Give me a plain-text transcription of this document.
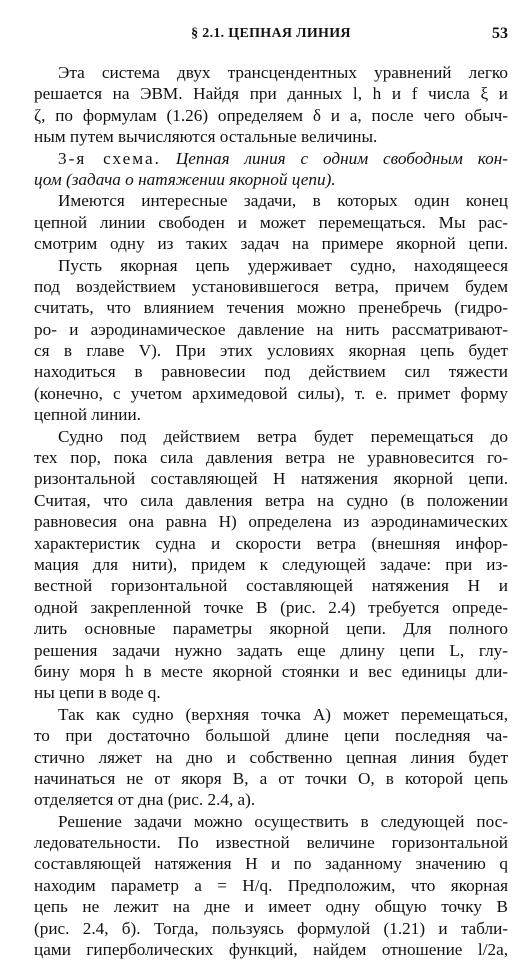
§ 2.1. ЦЕПНАЯ ЛИНИЯ	53
Эта система двух трансцендентных уравнений легко
решается на ЭВМ. Найдя при данных l, h и f числа ξ и
ζ, по формулам (1.26) определяем δ и a, после чего обыч-
ным путем вычисляются остальные величины.
3-я схема. Цепная линия с одним свободным кон-
цом (задача о натяжении якорной цепи).
Имеются интересные задачи, в которых один конец
цепной линии свободен и может перемещаться. Мы рас-
смотрим одну из таких задач на примере якорной цепи.
Пусть якорная цепь удерживает судно, находящееся
под воздействием установившегося ветра, причем будем
считать, что влиянием течения можно пренебречь (гидро-
ро- и аэродинамическое давление на нить рассматривают-
ся в главе V). При этих условиях якорная цепь будет
находиться в равновесии под действием сил тяжести
(конечно, с учетом архимедовой силы), т. е. примет форму
цепной линии.
Судно под действием ветра будет перемещаться до
тех пор, пока сила давления ветра не уравновесится го-
ризонтальной составляющей H натяжения якорной цепи.
Считая, что сила давления ветра на судно (в положении
равновесия она равна H) определена из аэродинамических
характеристик судна и скорости ветра (внешняя инфор-
мация для нити), придем к следующей задаче: при из-
вестной горизонтальной составляющей натяжения H и
одной закрепленной точке B (рис. 2.4) требуется опреде-
лить основные параметры якорной цепи. Для полного
решения задачи нужно задать еще длину цепи L, глу-
бину моря h в месте якорной стоянки и вес единицы дли-
ны цепи в воде q.
Так как судно (верхняя точка A) может перемещаться,
то при достаточно большой длине цепи последняя ча-
стично ляжет на дно и собственно цепная линия будет
начинаться не от якоря B, а от точки O, в которой цепь
отделяется от дна (рис. 2.4, a).
Решение задачи можно осуществить в следующей пос-
ледовательности. По известной величине горизонтальной
составляющей натяжения H и по заданному значению q
находим параметр a = H/q. Предположим, что якорная
цепь не лежит на дне и имеет одну общую точку B
(рис. 2.4, б). Тогда, пользуясь формулой (1.21) и табли-
цами гиперболических функций, найдем отношение l/2a,
